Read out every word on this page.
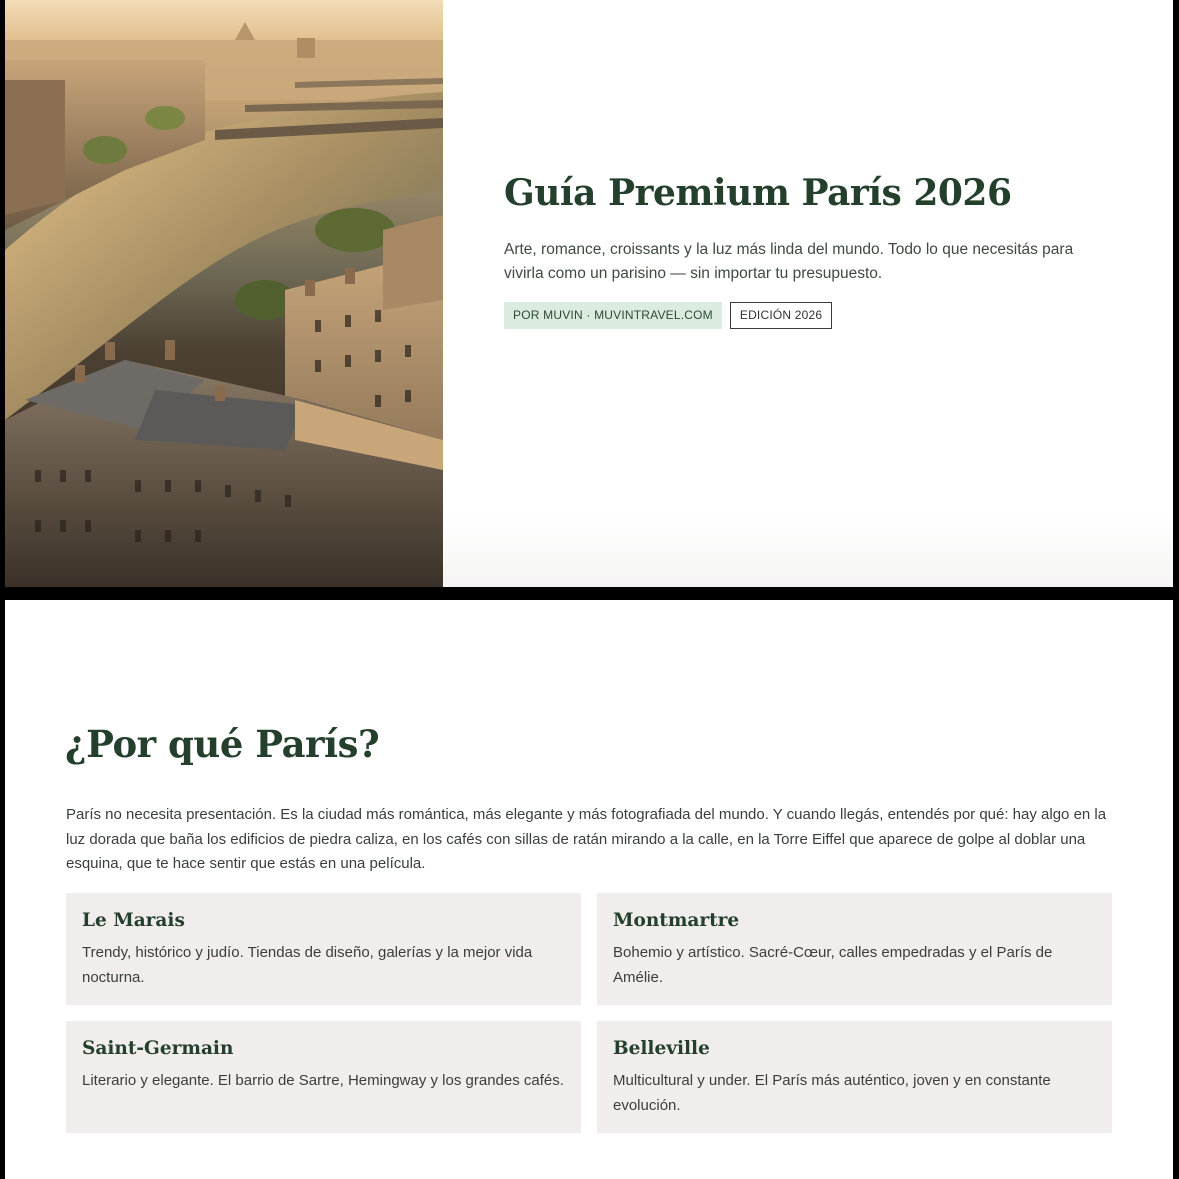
Guía Premium París 2026

Arte, romance, croissants y la luz más linda del mundo. Todo lo que necesitás para vivirla como un parisino — sin importar tu presupuesto.

POR MUVIN · MUVINTRAVEL.COM	EDICIÓN 2026
¿Por qué París?

París no necesita presentación. Es la ciudad más romántica, más elegante y más fotografiada del mundo. Y cuando llegás, entendés por qué: hay algo en la luz dorada que baña los edificios de piedra caliza, en los cafés con sillas de ratán mirando a la calle, en la Torre Eiffel que aparece de golpe al doblar una esquina, que te hace sentir que estás en una película.

Le Marais

Trendy, histórico y judío. Tiendas de diseño, galerías y la mejor vida nocturna.

Montmartre

Bohemio y artístico. Sacré-Cœur, calles empedradas y el París de Amélie.

Saint-Germain

Literario y elegante. El barrio de Sartre, Hemingway y los grandes cafés.

Belleville

Multicultural y under. El París más auténtico, joven y en constante evolución.
